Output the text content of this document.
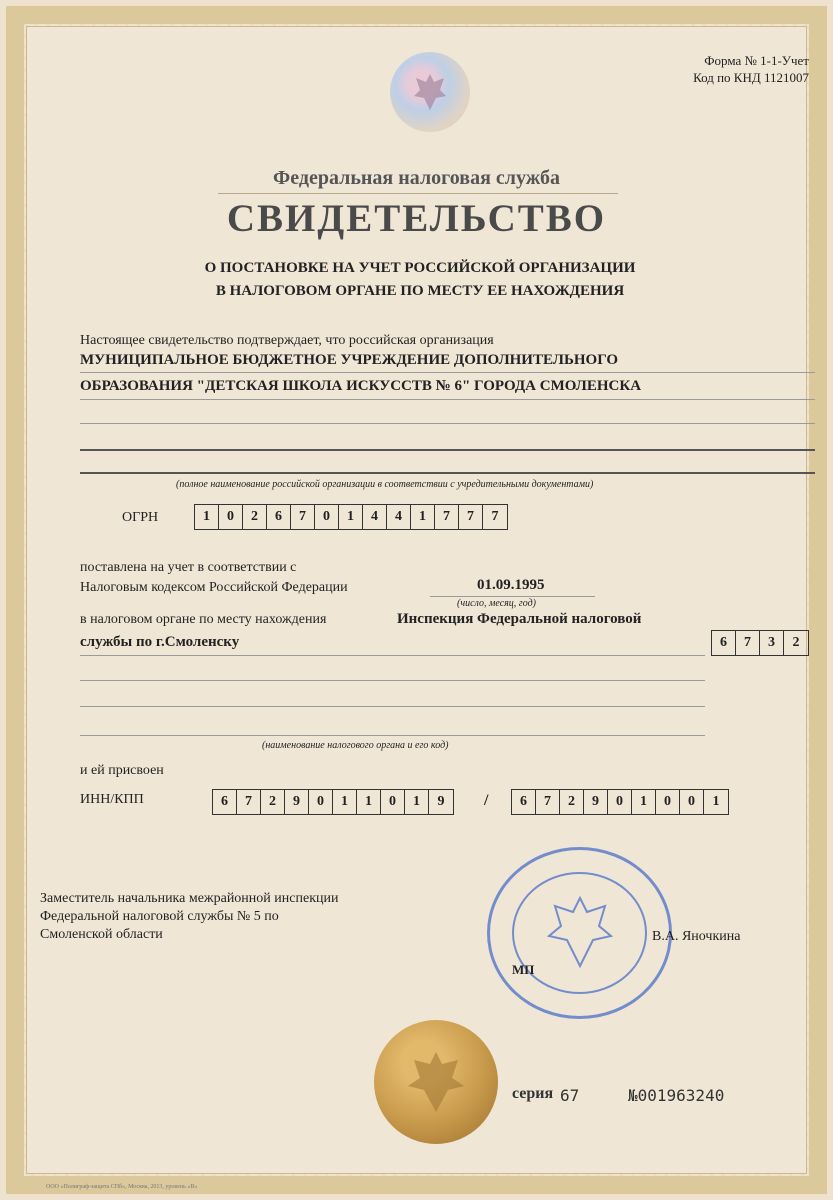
Форма № 1-1-Учет
Код по КНД 1121007
Федеральная налоговая служба
СВИДЕТЕЛЬСТВО
О ПОСТАНОВКЕ НА УЧЕТ РОССИЙСКОЙ ОРГАНИЗАЦИИ
В НАЛОГОВОМ ОРГАНЕ ПО МЕСТУ ЕЕ НАХОЖДЕНИЯ
Настоящее свидетельство подтверждает, что российская организация
МУНИЦИПАЛЬНОЕ БЮДЖЕТНОЕ УЧРЕЖДЕНИЕ ДОПОЛНИТЕЛЬНОГО
ОБРАЗОВАНИЯ "ДЕТСКАЯ ШКОЛА ИСКУССТВ № 6" ГОРОДА СМОЛЕНСКА
(полное наименование российской организации в соответствии с учредительными документами)
ОГРН	1	0	2	6	7	0	1	4	4	1	7	7	7
поставлена на учет в соответствии с
Налоговым кодексом Российской Федерации	01.09.1995
(число, месяц, год)
в налоговом органе по месту нахождения	Инспекция Федеральной налоговой
службы по г.Смоленску	6	7	3	2
(наименование налогового органа и его код)
и ей присвоен
ИНН/КПП	6	7	2	9	0	1	1	0	1	9	/	6	7	2	9	0	1	0	0	1
Заместитель начальника межрайонной инспекции
Федеральной налоговой службы № 5 по
Смоленской области	В.А. Яночкина
МП
серия 67	№001963240
ООО «Полиграф-защита СПб», Москва, 2013, уровень «В»
